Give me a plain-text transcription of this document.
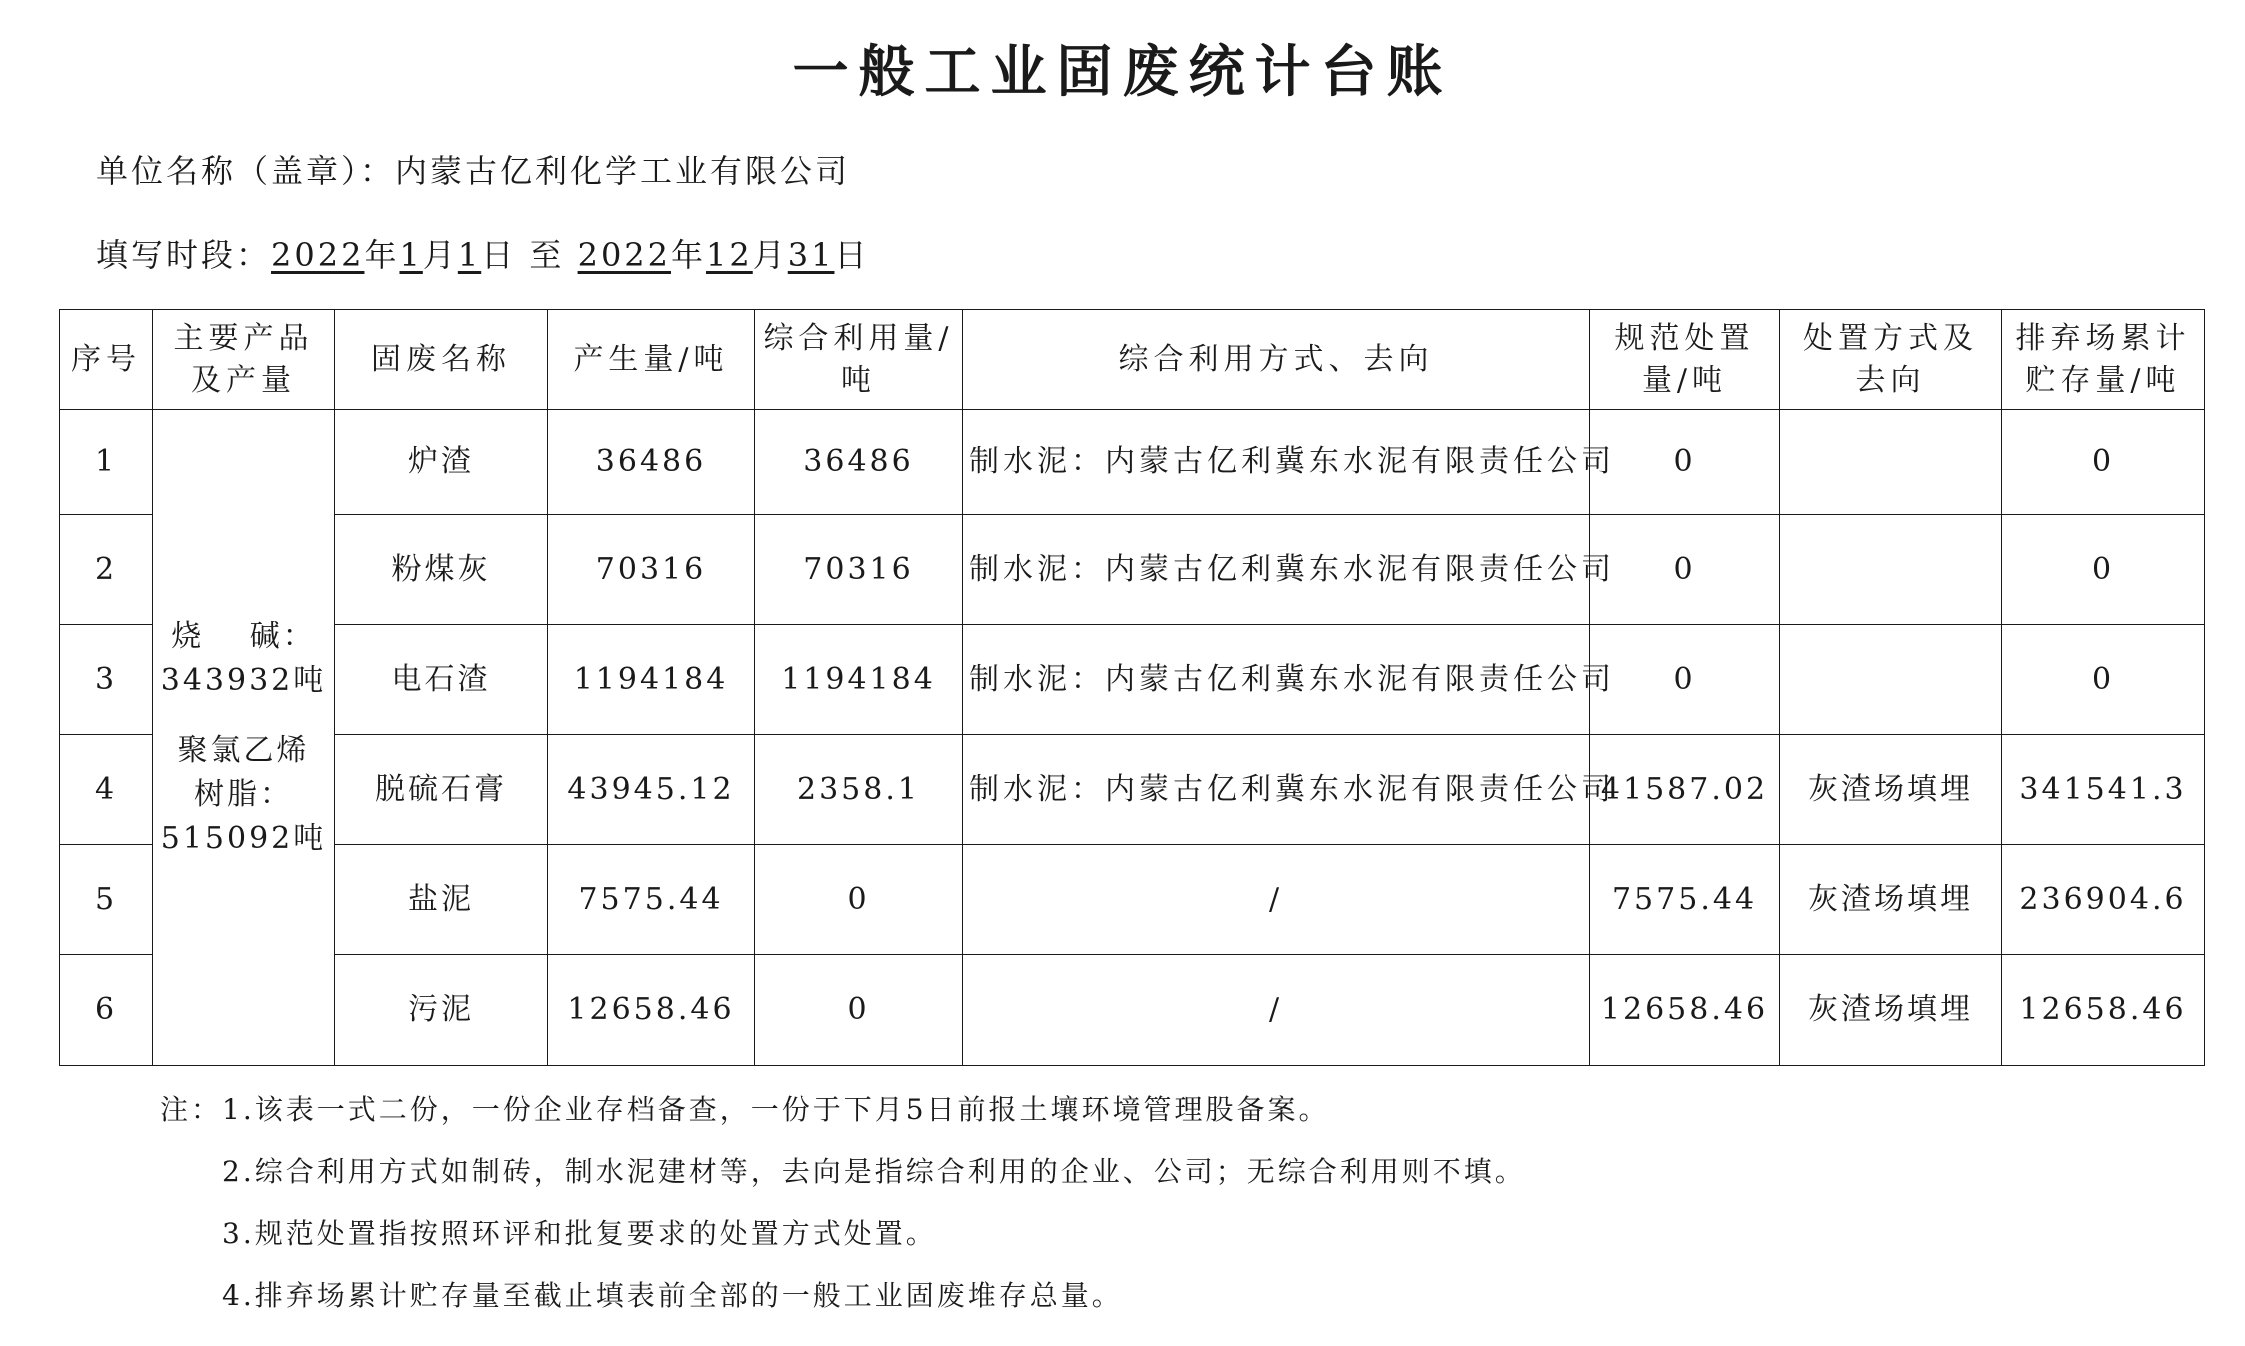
一般工业固废统计台账
单位名称（盖章）：内蒙古亿利化学工业有限公司
填写时段：2022年1月1日 至 2022年12月31日
序号	主要产品及产量	固废名称	产生量/吨	综合利用量/吨	综合利用方式、去向	规范处置量/吨	处置方式及去向	排弃场累计贮存量/吨
1	烧　 碱：
343932吨
聚氯乙烯
树脂：
515092吨	炉渣	36486	36486	制水泥：内蒙古亿利冀东水泥有限责任公司	0		0
2		粉煤灰	70316	70316	制水泥：内蒙古亿利冀东水泥有限责任公司	0		0
3		电石渣	1194184	1194184	制水泥：内蒙古亿利冀东水泥有限责任公司	0		0
4		脱硫石膏	43945.12	2358.1	制水泥：内蒙古亿利冀东水泥有限责任公司	41587.02	灰渣场填埋	341541.3
5		盐泥	7575.44	0	/	7575.44	灰渣场填埋	236904.6
6		污泥	12658.46	0	/	12658.46	灰渣场填埋	12658.46
注：1.该表一式二份，一份企业存档备查，一份于下月5日前报土壤环境管理股备案。
2.综合利用方式如制砖，制水泥建材等，去向是指综合利用的企业、公司；无综合利用则不填。
3.规范处置指按照环评和批复要求的处置方式处置。
4.排弃场累计贮存量至截止填表前全部的一般工业固废堆存总量。
